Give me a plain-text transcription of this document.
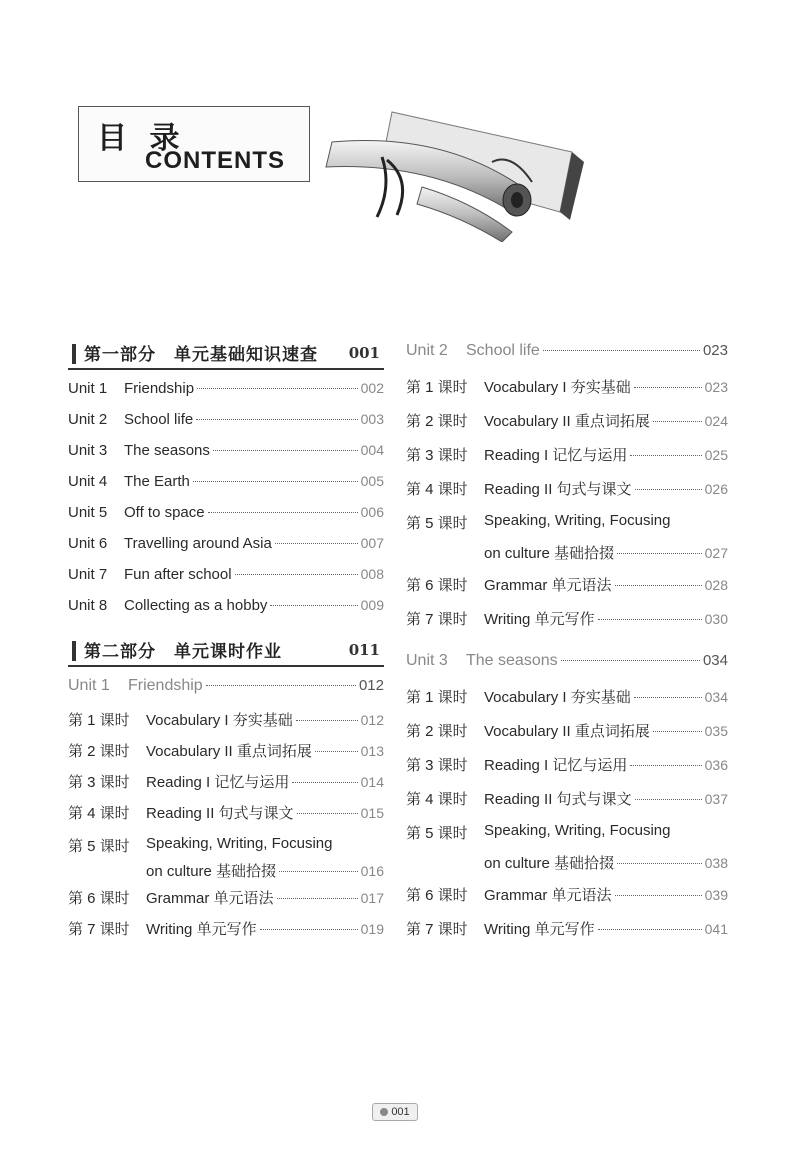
目 录
CONTENTS
第一部分　单元基础知识速查 001
Unit 1	Friendship	002
Unit 2	School life	003
Unit 3	The seasons	004
Unit 4	The Earth	005
Unit 5	Off to space	006
Unit 6	Travelling around Asia	007
Unit 7	Fun after school	008
Unit 8	Collecting as a hobby	009
第二部分　单元课时作业	011
Unit 1	Friendship	012
第 1 课时	Vocabulary I 夯实基础	012
第 2 课时	Vocabulary II 重点词拓展	013
第 3 课时	Reading I 记忆与运用	014
第 4 课时	Reading II 句式与课文	015
第 5 课时	Speaking, Writing, Focusing
on culture 基础拾掇	016
第 6 课时	Grammar 单元语法	017
第 7 课时	Writing 单元写作	019
Unit 2	School life	023
第 1 课时	Vocabulary I 夯实基础	023
第 2 课时	Vocabulary II 重点词拓展	024
第 3 课时	Reading I 记忆与运用	025
第 4 课时	Reading II 句式与课文	026
第 5 课时	Speaking, Writing, Focusing
on culture 基础拾掇	027
第 6 课时	Grammar 单元语法	028
第 7 课时	Writing 单元写作	030
Unit 3	The seasons	034
第 1 课时	Vocabulary I 夯实基础	034
第 2 课时	Vocabulary II 重点词拓展	035
第 3 课时	Reading I 记忆与运用	036
第 4 课时	Reading II 句式与课文	037
第 5 课时	Speaking, Writing, Focusing
on culture 基础拾掇	038
第 6 课时	Grammar 单元语法	039
第 7 课时	Writing 单元写作	041
001
